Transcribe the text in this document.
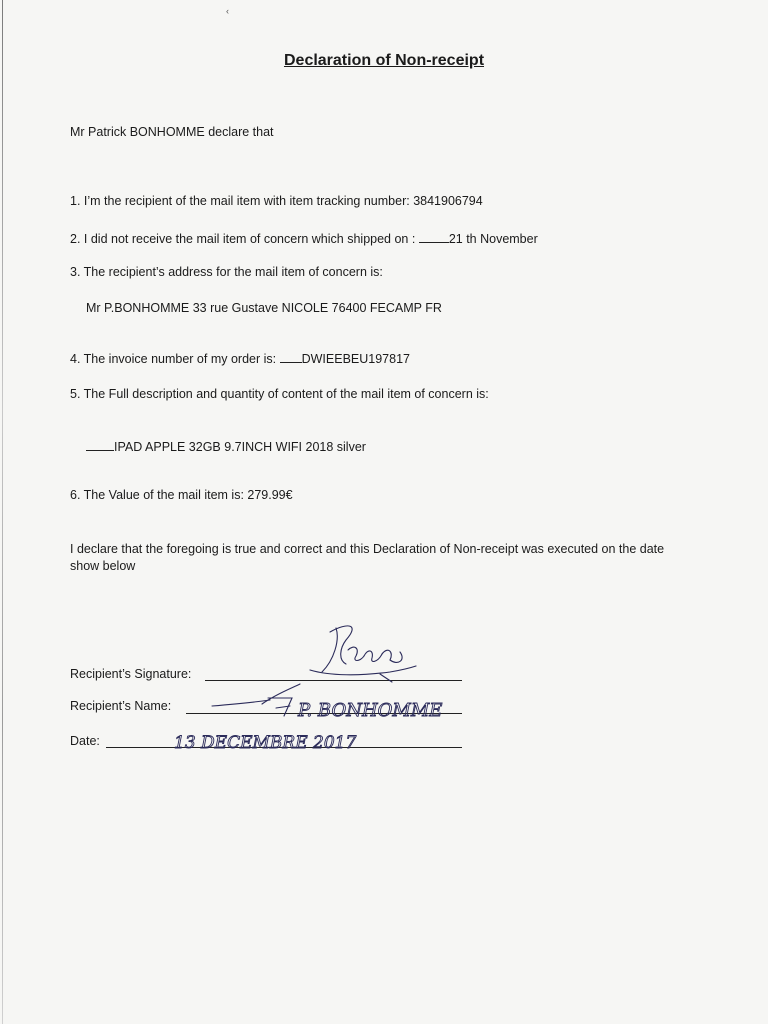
‹
Declaration of Non-receipt
Mr Patrick BONHOMME declare that
1. I’m the recipient of the mail item with item tracking number: 3841906794
2. I did not receive the mail item of concern which shipped on : 21 th November
3. The recipient’s address for the mail item of concern is:
Mr P.BONHOMME 33 rue Gustave NICOLE 76400 FECAMP FR
4. The invoice number of my order is: DWIEEBEU197817
5. The Full description and quantity of content of the mail item of concern is:
IPAD APPLE 32GB 9.7INCH WIFI 2018 silver
6. The Value of the mail item is: 279.99€
I declare that the foregoing is true and correct and this Declaration of Non-receipt was executed on the date show below
Recipient’s Signature:
Recipient’s Name:
Date:
P. BONHOMME
13 DECEMBRE 2017
